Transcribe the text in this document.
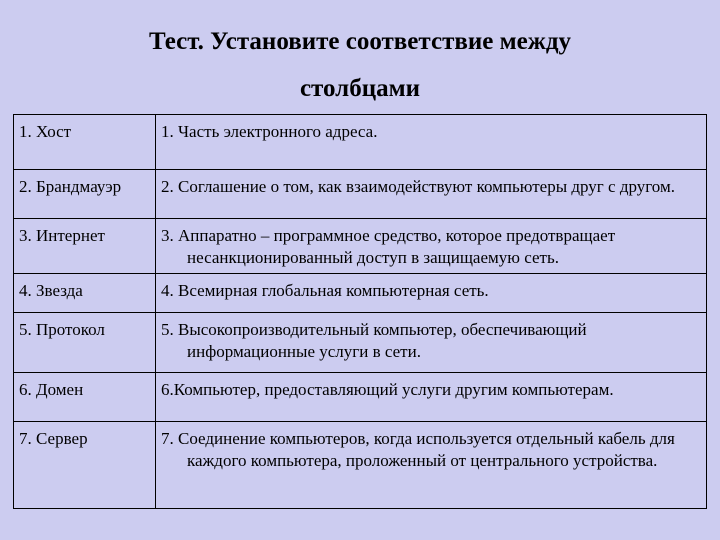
Тест. Установите соответствие между
столбцами
1. Хост	1. Часть электронного адреса.

2. Брандмауэр	2. Соглашение о том, как взаимодействуют компьютеры друг с другом.

3. Интернет	3. Аппаратно – программное средство, которое предотвращает несанкционированный доступ в защищаемую сеть.

4. Звезда	4. Всемирная глобальная компьютерная сеть.

5. Протокол	5. Высокопроизводительный компьютер, обеспечивающий информационные услуги в сети.

6. Домен	6.Компьютер, предоставляющий услуги другим компьютерам.

7. Сервер	7. Соединение компьютеров, когда используется отдельный кабель для каждого компьютера, проложенный от центрального устройства.
